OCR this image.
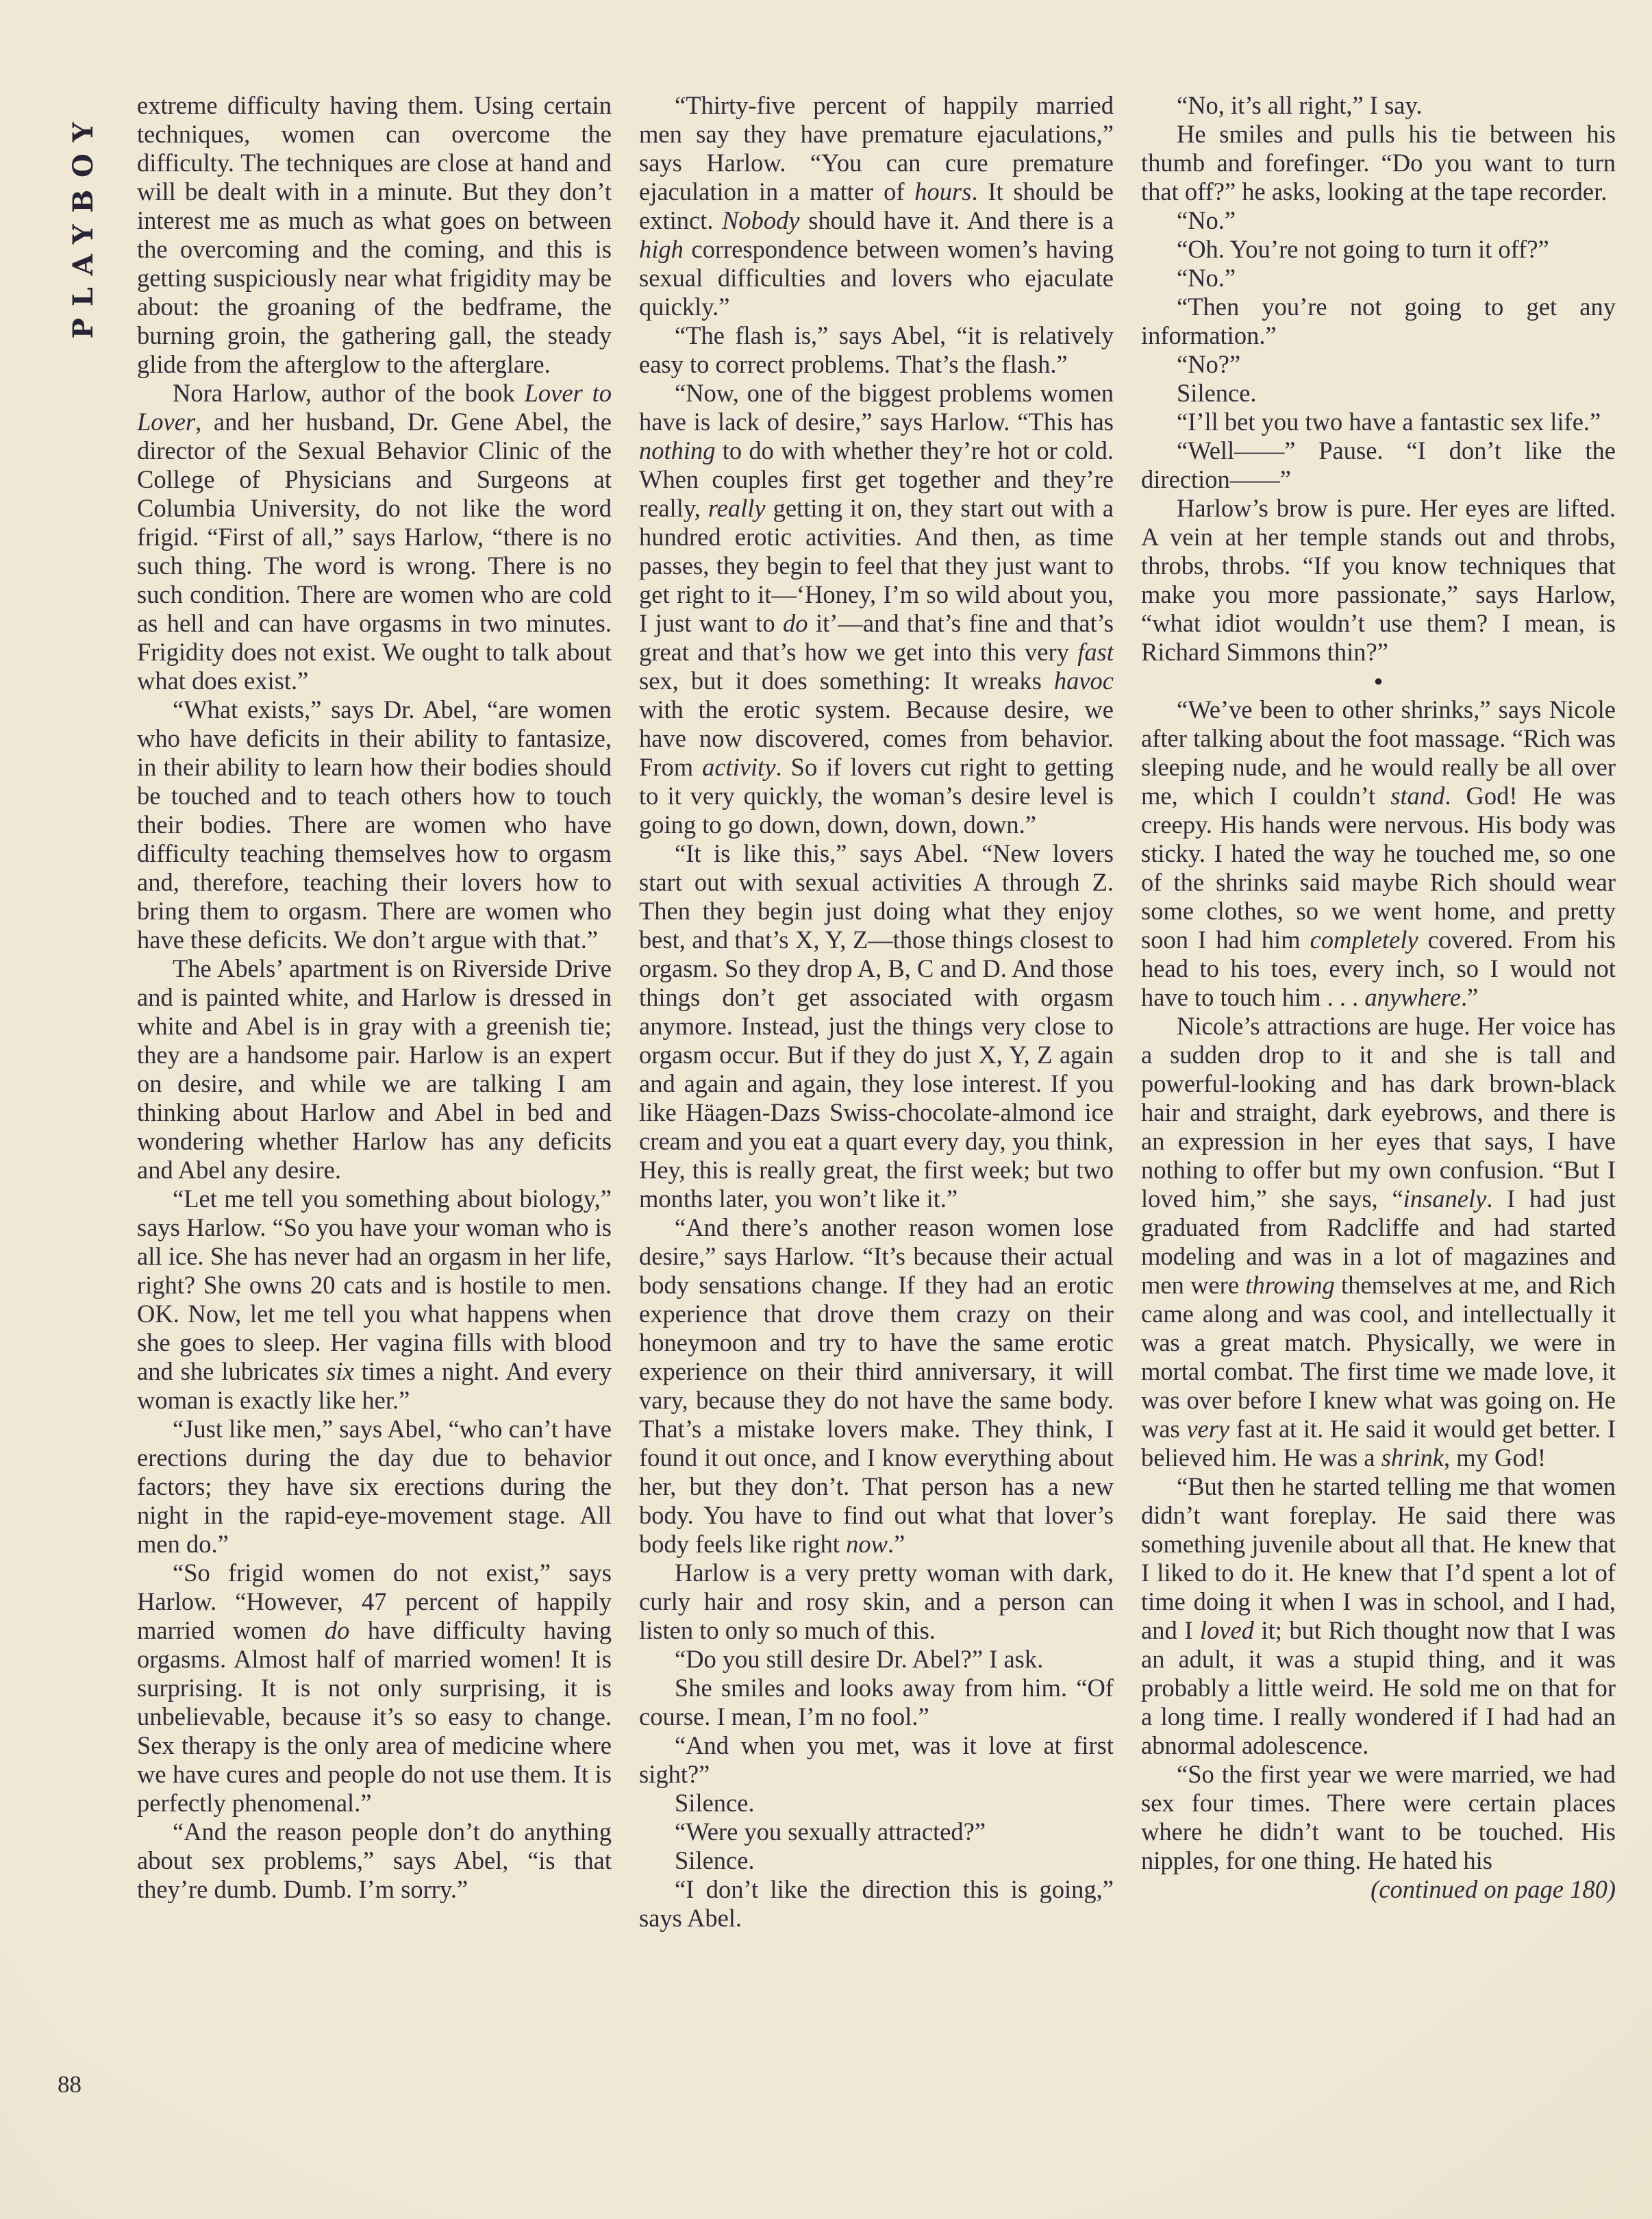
PLAYBOY

extreme difficulty having them. Using certain techniques, women can overcome the difficulty. The techniques are close at hand and will be dealt with in a minute. But they don’t interest me as much as what goes on between the overcoming and the coming, and this is getting suspiciously near what frigidity may be about: the groaning of the bedframe, the burning groin, the gathering gall, the steady glide from the afterglow to the afterglare.

Nora Harlow, author of the book Lover to Lover, and her husband, Dr. Gene Abel, the director of the Sexual Behavior Clinic of the College of Physicians and Surgeons at Columbia University, do not like the word frigid. “First of all,” says Harlow, “there is no such thing. The word is wrong. There is no such condition. There are women who are cold as hell and can have orgasms in two minutes. Frigidity does not exist. We ought to talk about what does exist.”

“What exists,” says Dr. Abel, “are women who have deficits in their ability to fantasize, in their ability to learn how their bodies should be touched and to teach others how to touch their bodies. There are women who have difficulty teaching themselves how to orgasm and, therefore, teaching their lovers how to bring them to orgasm. There are women who have these deficits. We don’t argue with that.”

The Abels’ apartment is on Riverside Drive and is painted white, and Harlow is dressed in white and Abel is in gray with a greenish tie; they are a handsome pair. Harlow is an expert on desire, and while we are talking I am thinking about Harlow and Abel in bed and wondering whether Harlow has any deficits and Abel any desire.

“Let me tell you something about biology,” says Harlow. “So you have your woman who is all ice. She has never had an orgasm in her life, right? She owns 20 cats and is hostile to men. OK. Now, let me tell you what happens when she goes to sleep. Her vagina fills with blood and she lubricates six times a night. And every woman is exactly like her.”

“Just like men,” says Abel, “who can’t have erections during the day due to behavior factors; they have six erections during the night in the rapid-eye-movement stage. All men do.”

“So frigid women do not exist,” says Harlow. “However, 47 percent of happily married women do have difficulty having orgasms. Almost half of married women! It is surprising. It is not only surprising, it is unbelievable, because it’s so easy to change. Sex therapy is the only area of medicine where we have cures and people do not use them. It is perfectly phenomenal.”

“And the reason people don’t do anything about sex problems,” says Abel, “is that they’re dumb. Dumb. I’m sorry.”

“Thirty-five percent of happily married men say they have premature ejaculations,” says Harlow. “You can cure premature ejaculation in a matter of hours. It should be extinct. Nobody should have it. And there is a high correspondence between women’s having sexual difficulties and lovers who ejaculate quickly.”

“The flash is,” says Abel, “it is relatively easy to correct problems. That’s the flash.”

“Now, one of the biggest problems women have is lack of desire,” says Harlow. “This has nothing to do with whether they’re hot or cold. When couples first get together and they’re really, really getting it on, they start out with a hundred erotic activities. And then, as time passes, they begin to feel that they just want to get right to it—‘Honey, I’m so wild about you, I just want to do it’—and that’s fine and that’s great and that’s how we get into this very fast sex, but it does something: It wreaks havoc with the erotic system. Because desire, we have now discovered, comes from behavior. From activity. So if lovers cut right to getting to it very quickly, the woman’s desire level is going to go down, down, down, down.”

“It is like this,” says Abel. “New lovers start out with sexual activities A through Z. Then they begin just doing what they enjoy best, and that’s X, Y, Z—those things closest to orgasm. So they drop A, B, C and D. And those things don’t get associated with orgasm anymore. Instead, just the things very close to orgasm occur. But if they do just X, Y, Z again and again and again, they lose interest. If you like Häagen-Dazs Swiss-chocolate-almond ice cream and you eat a quart every day, you think, Hey, this is really great, the first week; but two months later, you won’t like it.”

“And there’s another reason women lose desire,” says Harlow. “It’s because their actual body sensations change. If they had an erotic experience that drove them crazy on their honeymoon and try to have the same erotic experience on their third anniversary, it will vary, because they do not have the same body. That’s a mistake lovers make. They think, I found it out once, and I know everything about her, but they don’t. That person has a new body. You have to find out what that lover’s body feels like right now.”

Harlow is a very pretty woman with dark, curly hair and rosy skin, and a person can listen to only so much of this.

“Do you still desire Dr. Abel?” I ask.

She smiles and looks away from him. “Of course. I mean, I’m no fool.”

“And when you met, was it love at first sight?”

Silence.

“Were you sexually attracted?”

Silence.

“I don’t like the direction this is going,” says Abel.

“No, it’s all right,” I say.

He smiles and pulls his tie between his thumb and forefinger. “Do you want to turn that off?” he asks, looking at the tape recorder.

“No.”

“Oh. You’re not going to turn it off?”

“No.”

“Then you’re not going to get any information.”

“No?”

Silence.

“I’ll bet you two have a fantastic sex life.”

“Well——” Pause. “I don’t like the direction——”

Harlow’s brow is pure. Her eyes are lifted. A vein at her temple stands out and throbs, throbs, throbs. “If you know techniques that make you more passionate,” says Harlow, “what idiot wouldn’t use them? I mean, is Richard Simmons thin?”

●

“We’ve been to other shrinks,” says Nicole after talking about the foot massage. “Rich was sleeping nude, and he would really be all over me, which I couldn’t stand. God! He was creepy. His hands were nervous. His body was sticky. I hated the way he touched me, so one of the shrinks said maybe Rich should wear some clothes, so we went home, and pretty soon I had him completely covered. From his head to his toes, every inch, so I would not have to touch him . . . anywhere.”

Nicole’s attractions are huge. Her voice has a sudden drop to it and she is tall and powerful-looking and has dark brown-black hair and straight, dark eyebrows, and there is an expression in her eyes that says, I have nothing to offer but my own confusion. “But I loved him,” she says, “insanely. I had just graduated from Radcliffe and had started modeling and was in a lot of magazines and men were throwing themselves at me, and Rich came along and was cool, and intellectually it was a great match. Physically, we were in mortal combat. The first time we made love, it was over before I knew what was going on. He was very fast at it. He said it would get better. I believed him. He was a shrink, my God!

“But then he started telling me that women didn’t want foreplay. He said there was something juvenile about all that. He knew that I liked to do it. He knew that I’d spent a lot of time doing it when I was in school, and I had, and I loved it; but Rich thought now that I was an adult, it was a stupid thing, and it was probably a little weird. He sold me on that for a long time. I really wondered if I had had an abnormal adolescence.

“So the first year we were married, we had sex four times. There were certain places where he didn’t want to be touched. His nipples, for one thing. He hated his

(continued on page 180)

88
